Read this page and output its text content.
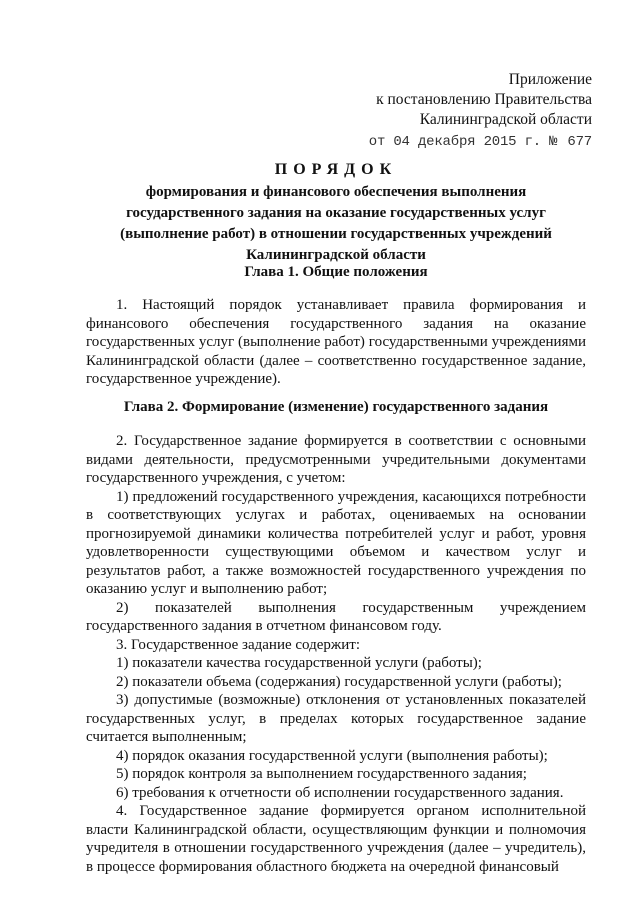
Приложение
к постановлению Правительства
Калининградской области
от 04 декабря 2015 г. № 677
ПОРЯДОК
формирования и финансового обеспечения выполнения
государственного задания на оказание государственных услуг
(выполнение работ) в отношении государственных учреждений
Калининградской области
Глава 1. Общие положения
1. Настоящий порядок устанавливает правила формирования и финансового обеспечения государственного задания на оказание государственных услуг (выполнение работ) государственными учреждениями Калининградской области (далее – соответственно государственное задание, государственное учреждение).
Глава 2. Формирование (изменение) государственного задания

2. Государственное задание формируется в соответствии с основными видами деятельности, предусмотренными учредительными документами государственного учреждения, с учетом:

1) предложений государственного учреждения, касающихся потребности в соответствующих услугах и работах, оцениваемых на основании прогнозируемой динамики количества потребителей услуг и работ, уровня удовлетворенности существующими объемом и качеством услуг и результатов работ, а также возможностей государственного учреждения по оказанию услуг и выполнению работ;

2) показателей выполнения государственным учреждением государственного задания в отчетном финансовом году.

3. Государственное задание содержит:

1) показатели качества государственной услуги (работы);

2) показатели объема (содержания) государственной услуги (работы);

3) допустимые (возможные) отклонения от установленных показателей государственных услуг, в пределах которых государственное задание считается выполненным;

4) порядок оказания государственной услуги (выполнения работы);

5) порядок контроля за выполнением государственного задания;

6) требования к отчетности об исполнении государственного задания.

4. Государственное задание формируется органом исполнительной власти Калининградской области, осуществляющим функции и полномочия учредителя в отношении государственного учреждения (далее – учредитель), в процессе формирования областного бюджета на очередной финансовый
